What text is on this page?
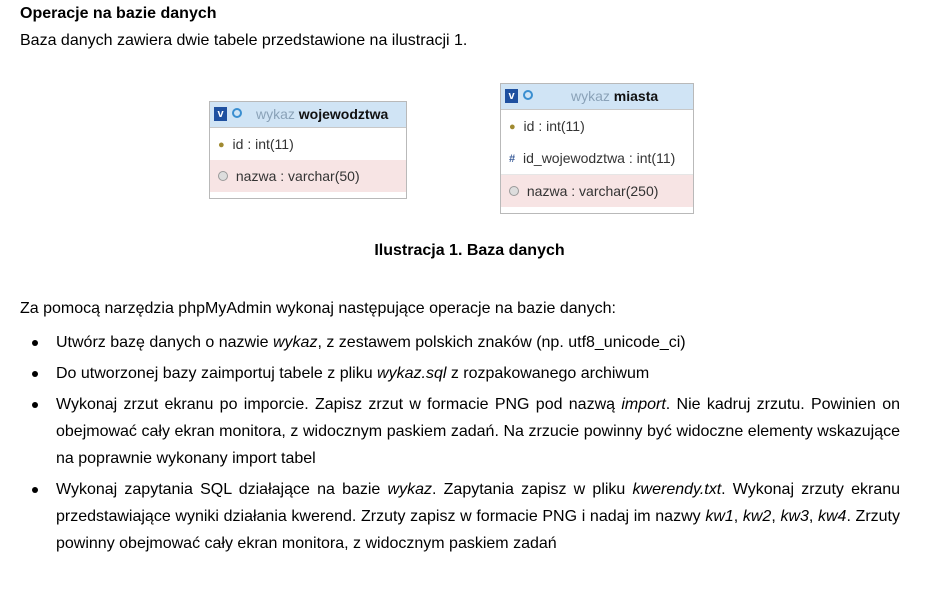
Operacje na bazie danych
Baza danych zawiera dwie tabele przedstawione na ilustracji 1.
v wykaz wojewodztwa
● id : int(11)
nazwa : varchar(50)
v	wykaz miasta
● id : int(11)
# id_wojewodztwa : int(11)
nazwa : varchar(250)
Ilustracja 1. Baza danych
Za pomocą narzędzia phpMyAdmin wykonaj następujące operacje na bazie danych:
Utwórz bazę danych o nazwie wykaz, z zestawem polskich znaków (np. utf8_unicode_ci)
Do utworzonej bazy zaimportuj tabele z pliku wykaz.sql z rozpakowanego archiwum
Wykonaj zrzut ekranu po imporcie. Zapisz zrzut w formacie PNG pod nazwą import. Nie kadruj zrzutu. Powinien on obejmować cały ekran monitora, z widocznym paskiem zadań. Na zrzucie powinny być widoczne elementy wskazujące na poprawnie wykonany import tabel
Wykonaj zapytania SQL działające na bazie wykaz. Zapytania zapisz w pliku kwerendy.txt. Wykonaj zrzuty ekranu przedstawiające wyniki działania kwerend. Zrzuty zapisz w formacie PNG i nadaj im nazwy kw1, kw2, kw3, kw4. Zrzuty powinny obejmować cały ekran monitora, z widocznym paskiem zadań
